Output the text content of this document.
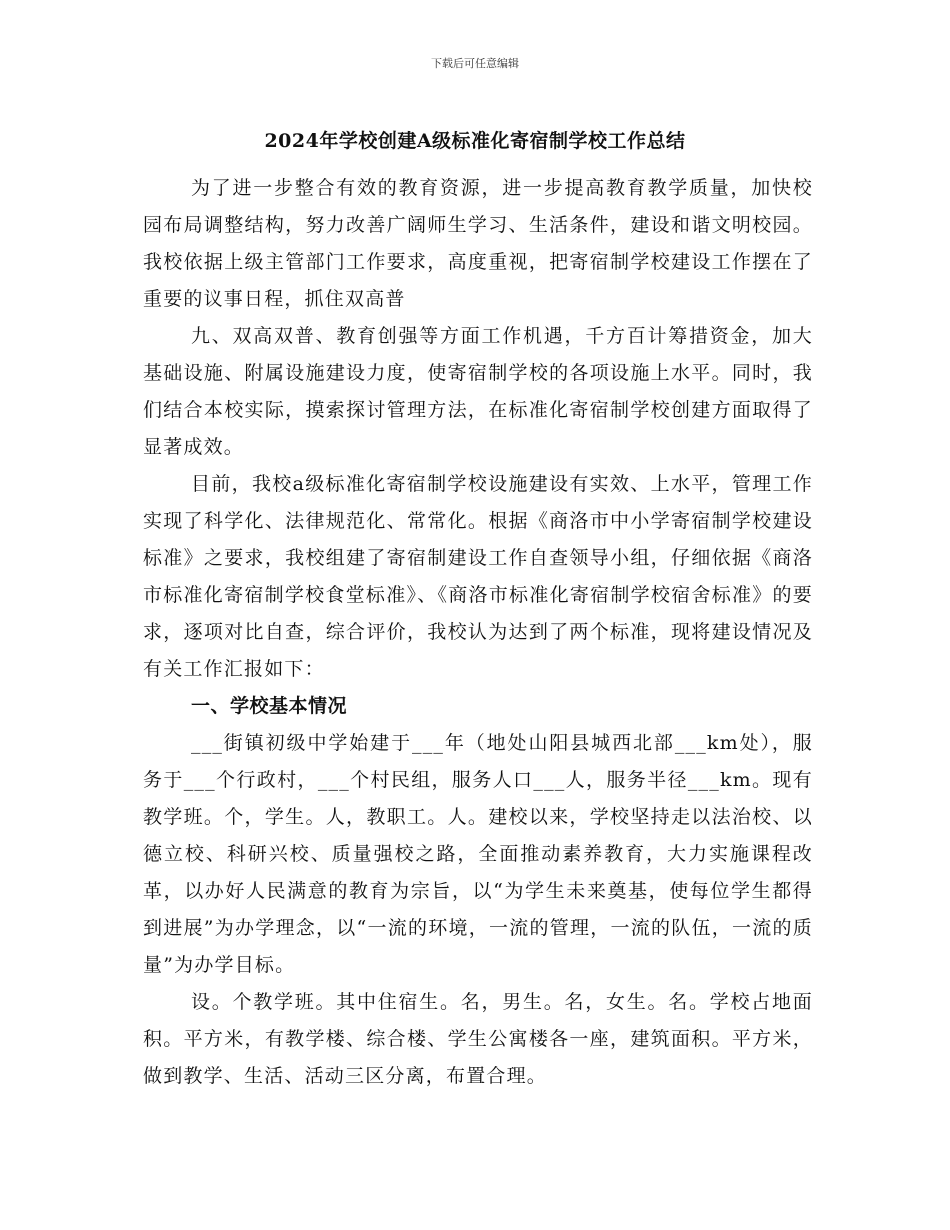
下载后可任意编辑
2024年学校创建A级标准化寄宿制学校工作总结

为了进一步整合有效的教育资源，进一步提高教育教学质量，加快校园布局调整结构，努力改善广阔师生学习、生活条件，建设和谐文明校园。我校依据上级主管部门工作要求，高度重视，把寄宿制学校建设工作摆在了重要的议事日程，抓住双高普

九、双高双普、教育创强等方面工作机遇，千方百计筹措资金，加大基础设施、附属设施建设力度，使寄宿制学校的各项设施上水平。同时，我们结合本校实际，摸索探讨管理方法，在标准化寄宿制学校创建方面取得了显著成效。

目前，我校a级标准化寄宿制学校设施建设有实效、上水平，管理工作实现了科学化、法律规范化、常常化。根据《商洛市中小学寄宿制学校建设标准》之要求，我校组建了寄宿制建设工作自查领导小组，仔细依据《商洛市标准化寄宿制学校食堂标准》、《商洛市标准化寄宿制学校宿舍标准》的要求，逐项对比自查，综合评价，我校认为达到了两个标准，现将建设情况及有关工作汇报如下：

一、学校基本情况

___街镇初级中学始建于___年（地处山阳县城西北部___km处），服务于___个行政村，___个村民组，服务人口___人，服务半径___km。现有教学班。个，学生。人，教职工。人。建校以来，学校坚持走以法治校、以德立校、科研兴校、质量强校之路，全面推动素养教育，大力实施课程改革，以办好人民满意的教育为宗旨，以“为学生未来奠基，使每位学生都得到进展”为办学理念，以“一流的环境，一流的管理，一流的队伍，一流的质量”为办学目标。

设。个教学班。其中住宿生。名，男生。名，女生。名。学校占地面积。平方米，有教学楼、综合楼、学生公寓楼各一座，建筑面积。平方米，做到教学、生活、活动三区分离，布置合理。
